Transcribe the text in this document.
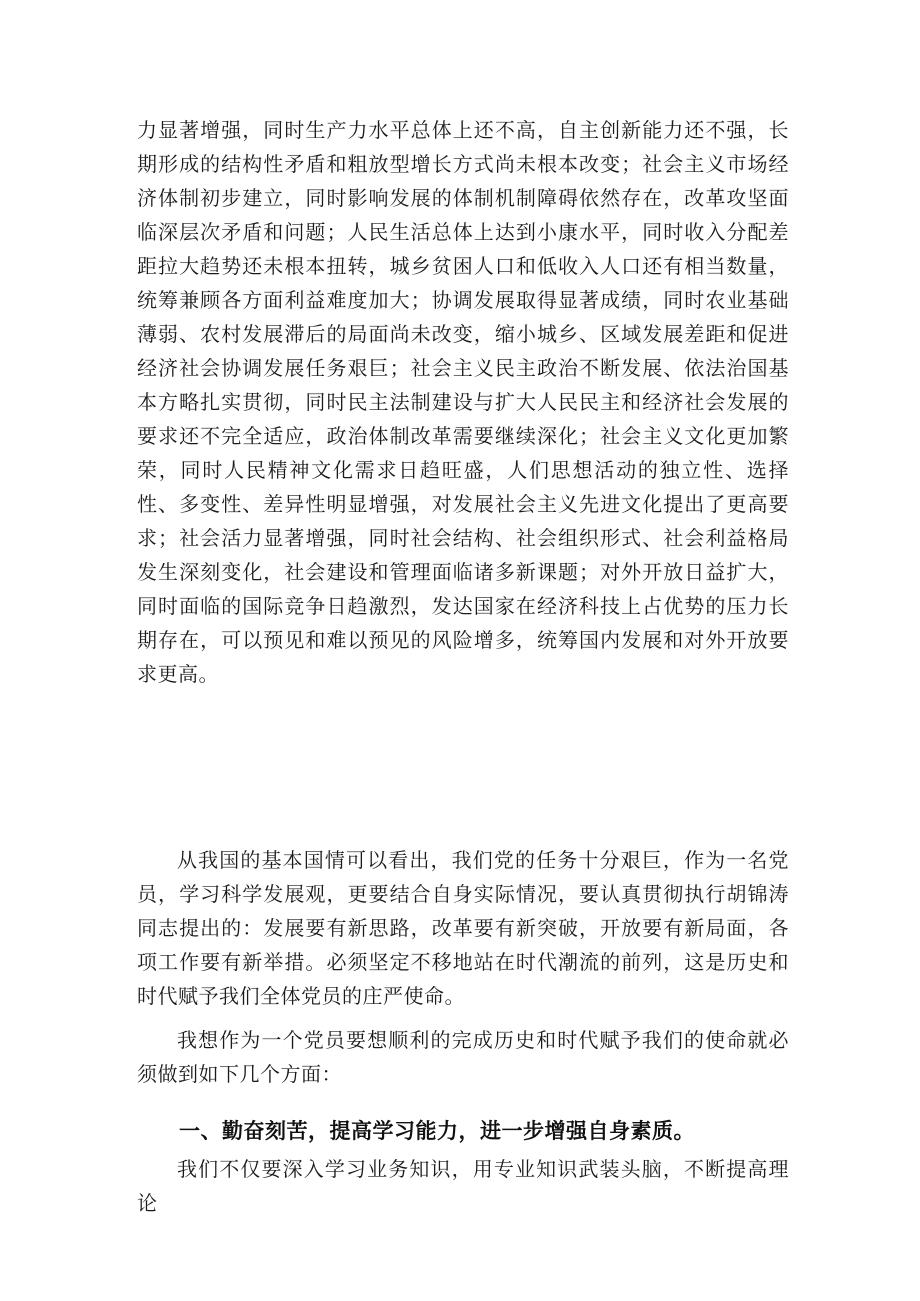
力显著增强，同时生产力水平总体上还不高，自主创新能力还不强，长期形成的结构性矛盾和粗放型增长方式尚未根本改变；社会主义市场经济体制初步建立，同时影响发展的体制机制障碍依然存在，改革攻坚面临深层次矛盾和问题；人民生活总体上达到小康水平，同时收入分配差距拉大趋势还未根本扭转，城乡贫困人口和低收入人口还有相当数量，统筹兼顾各方面利益难度加大；协调发展取得显著成绩，同时农业基础薄弱、农村发展滞后的局面尚未改变，缩小城乡、区域发展差距和促进经济社会协调发展任务艰巨；社会主义民主政治不断发展、依法治国基本方略扎实贯彻，同时民主法制建设与扩大人民民主和经济社会发展的要求还不完全适应，政治体制改革需要继续深化；社会主义文化更加繁荣，同时人民精神文化需求日趋旺盛，人们思想活动的独立性、选择性、多变性、差异性明显增强，对发展社会主义先进文化提出了更高要求；社会活力显著增强，同时社会结构、社会组织形式、社会利益格局发生深刻变化，社会建设和管理面临诸多新课题；对外开放日益扩大，同时面临的国际竞争日趋激烈，发达国家在经济科技上占优势的压力长期存在，可以预见和难以预见的风险增多，统筹国内发展和对外开放要求更高。

从我国的基本国情可以看出，我们党的任务十分艰巨，作为一名党员，学习科学发展观，更要结合自身实际情况，要认真贯彻执行胡锦涛同志提出的：发展要有新思路，改革要有新突破，开放要有新局面，各项工作要有新举措。必须坚定不移地站在时代潮流的前列，这是历史和时代赋予我们全体党员的庄严使命。

我想作为一个党员要想顺利的完成历史和时代赋予我们的使命就必须做到如下几个方面：

一、勤奋刻苦，提高学习能力，进一步增强自身素质。

我们不仅要深入学习业务知识，用专业知识武装头脑，不断提高理论
